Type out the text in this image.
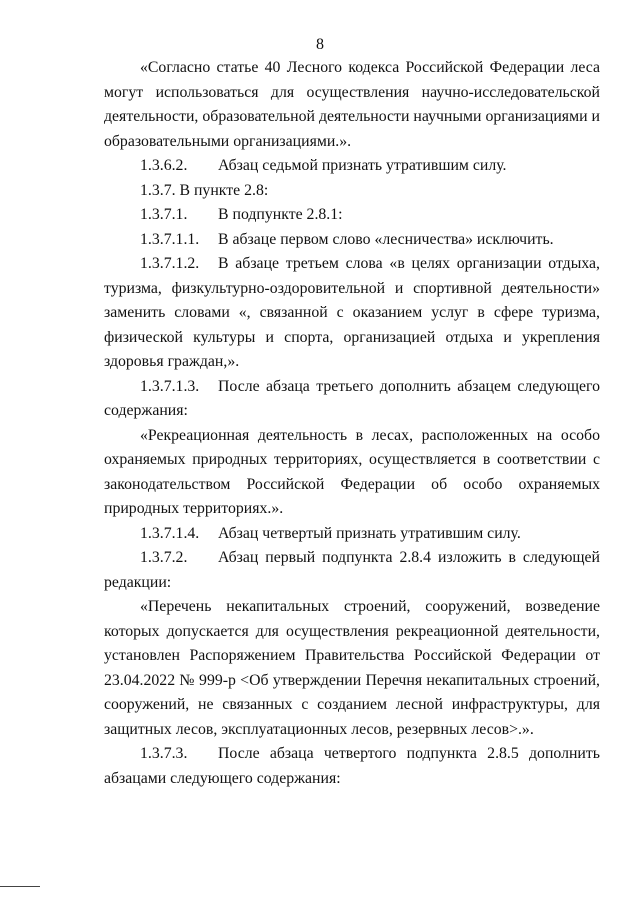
8

«Согласно статье 40 Лесного кодекса Российской Федерации леса могут использоваться для осуществления научно-исследовательской деятельности, образовательной деятельности научными организациями и образовательными организациями.».

1.3.6.2. Абзац седьмой признать утратившим силу.

1.3.7. В пункте 2.8:

1.3.7.1. В подпункте 2.8.1:

1.3.7.1.1. В абзаце первом слово «лесничества» исключить.

1.3.7.1.2. В абзаце третьем слова «в целях организации отдыха, туризма, физкультурно-оздоровительной и спортивной деятельности» заменить словами «, связанной с оказанием услуг в сфере туризма, физической культуры и спорта, организацией отдыха и укрепления здоровья граждан,».

1.3.7.1.3. После абзаца третьего дополнить абзацем следующего содержания:

«Рекреационная деятельность в лесах, расположенных на особо охраняемых природных территориях, осуществляется в соответствии с законодательством Российской Федерации об особо охраняемых природных территориях.».

1.3.7.1.4. Абзац четвертый признать утратившим силу.

1.3.7.2. Абзац первый подпункта 2.8.4 изложить в следующей редакции:

«Перечень некапитальных строений, сооружений, возведение которых допускается для осуществления рекреационной деятельности, установлен Распоряжением Правительства Российской Федерации от 23.04.2022 № 999-р <Об утверждении Перечня некапитальных строений, сооружений, не связанных с созданием лесной инфраструктуры, для защитных лесов, эксплуатационных лесов, резервных лесов>.».

1.3.7.3. После абзаца четвертого подпункта 2.8.5 дополнить абзацами следующего содержания:
